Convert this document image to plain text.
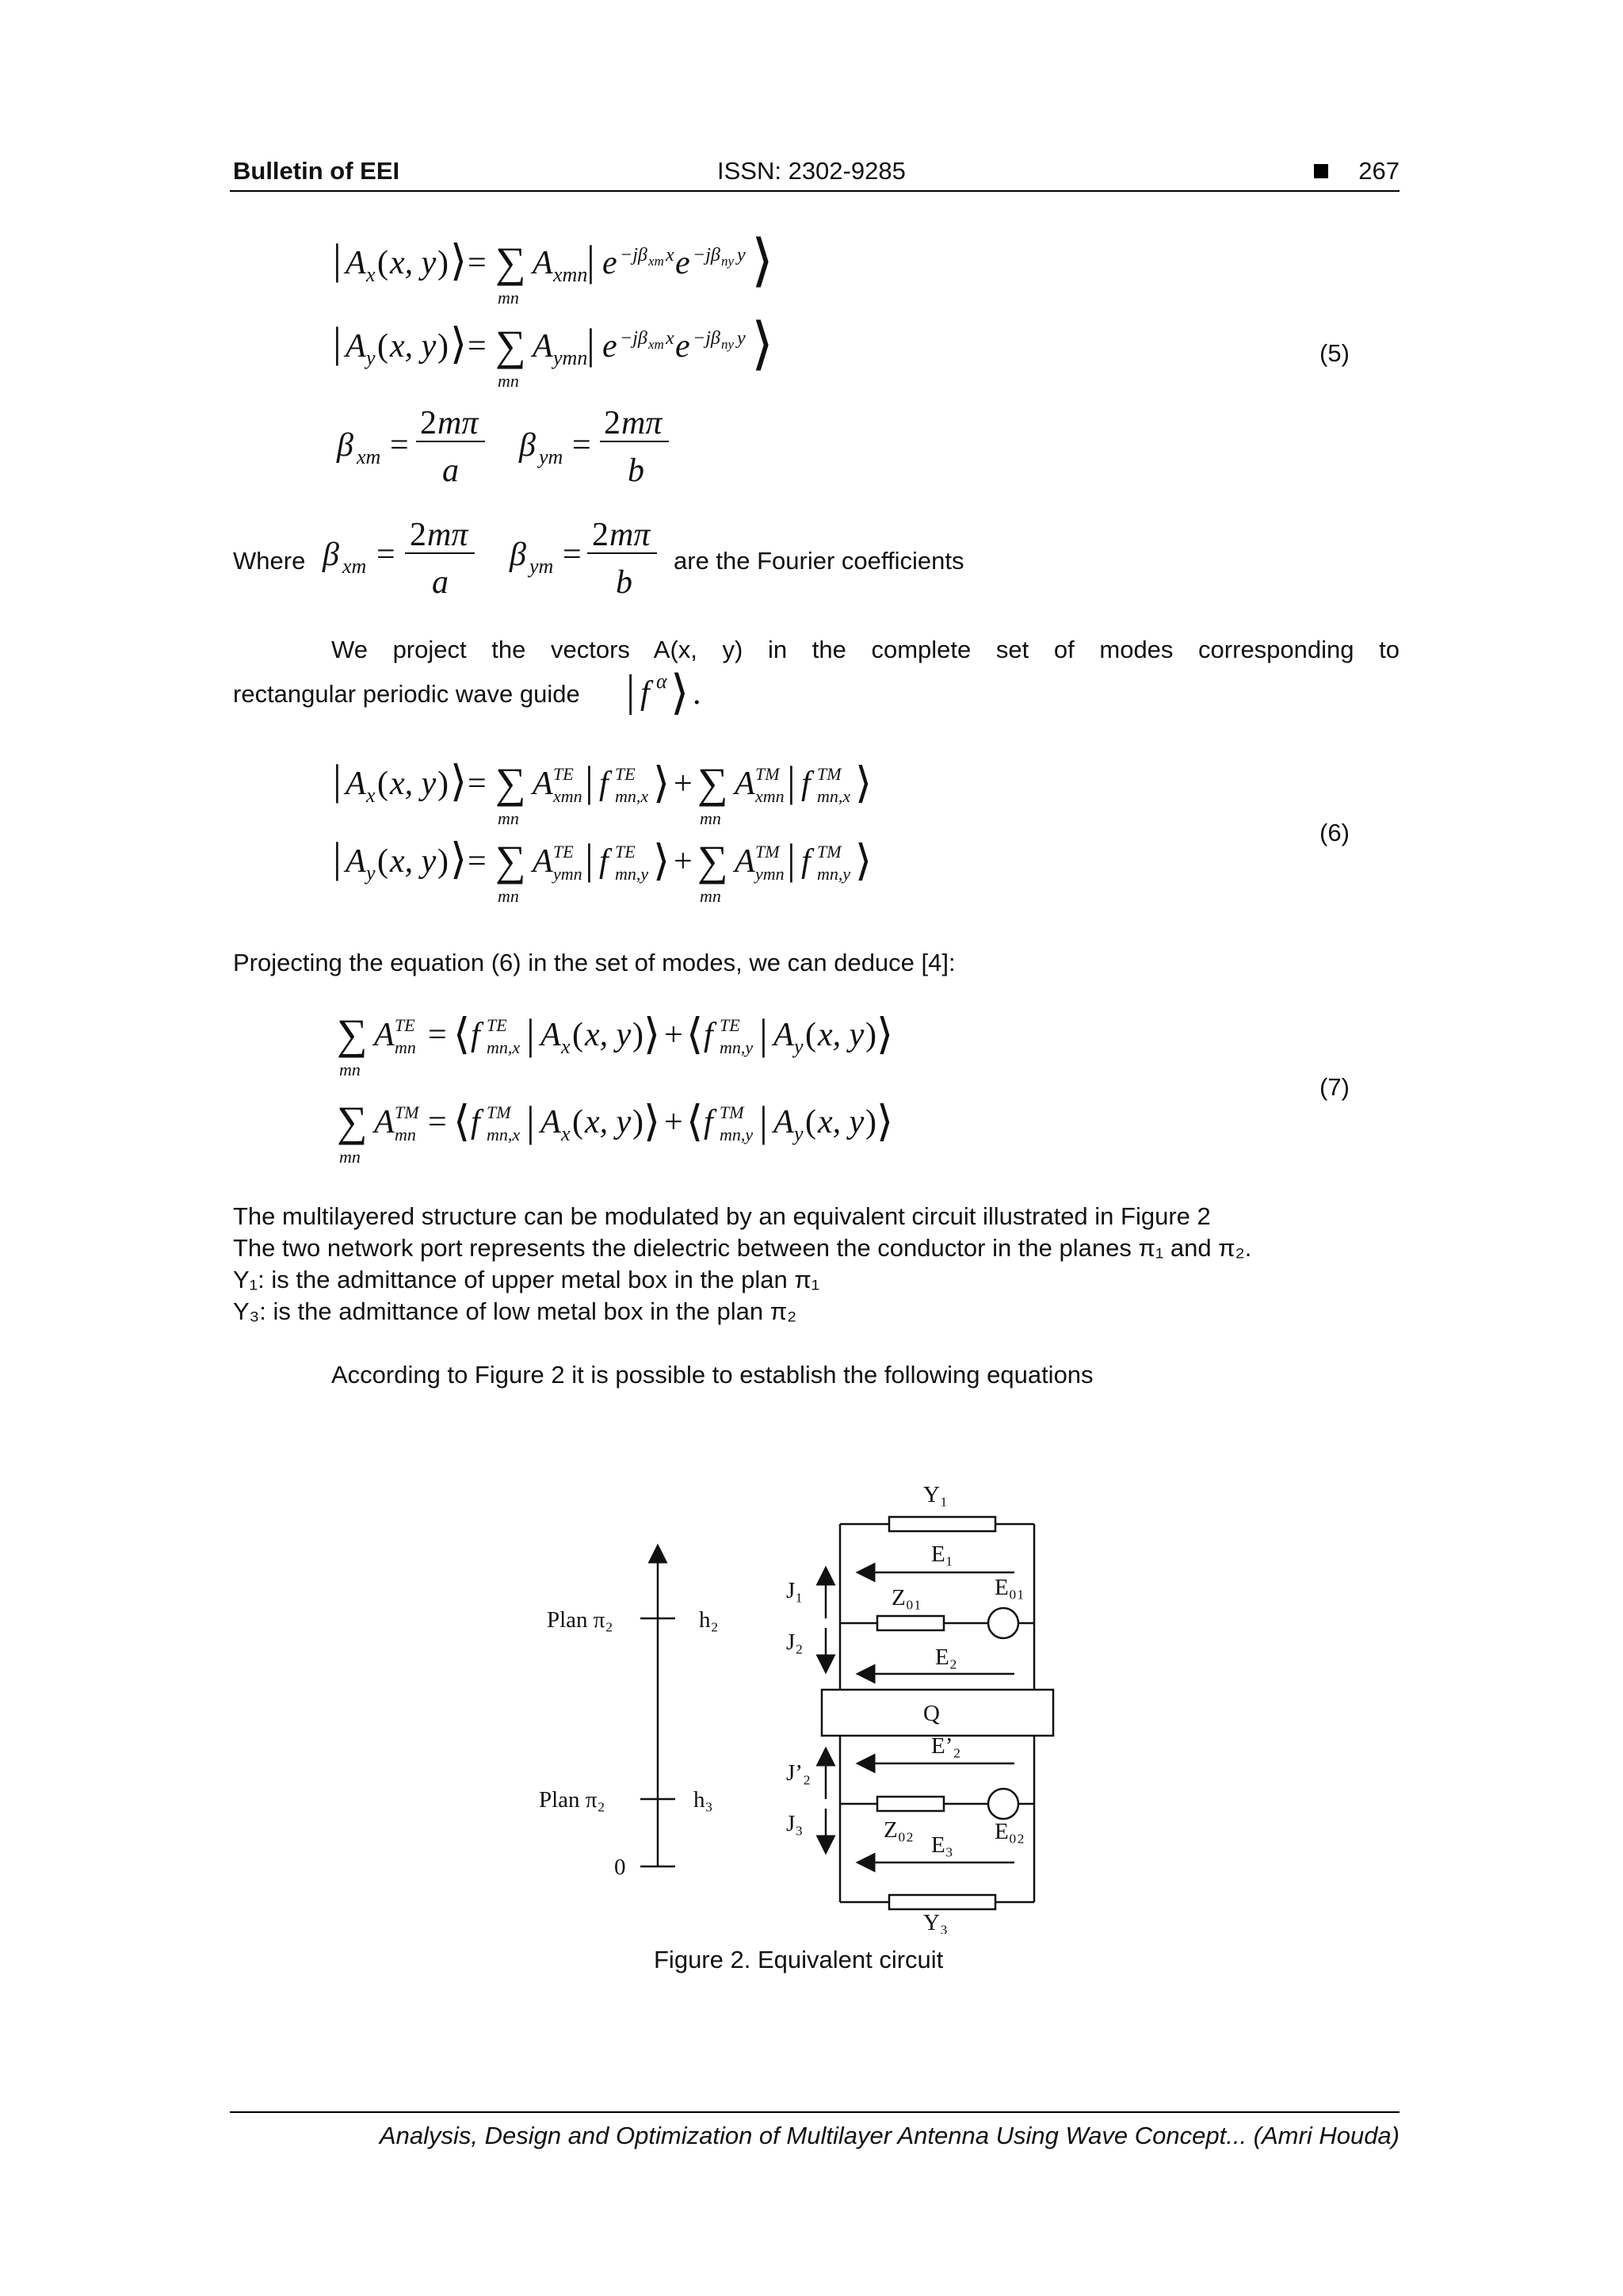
Bulletin of EEI	ISSN: 2302-9285	267
| A x ( x, y ) ⟩ = ∑
mn
A xmn
| e −jβ xm x e −jβ ny y ⟩
| A y ( x, y ) ⟩ = ∑
mn
A ymn
| e −jβ xm x e −jβ ny y ⟩
β xm =
2 mπ
a
β ym =
2 mπ
b
(5)
Where β xm =
2 mπ
a
β ym =
2 mπ
b
are the Fourier coefficients
We project the vectors A(x, y) in the complete set of modes corresponding to
rectangular periodic wave guide | f α ⟩ .
| A x ( x, y ) ⟩ = ∑
mn
A TE
xmn | f TE
mn,x ⟩ + ∑
mn
A TM
xmn | f TM
mn,x ⟩
| A y ( x, y ) ⟩ = ∑
mn
A TE
ymn | f TE
mn,y ⟩ + ∑
mn
A TM
ymn | f TM
mn,y ⟩
(6)
Projecting the equation (6) in the set of modes, we can deduce [4]:
∑
mn
A TE
mn = ⟨ f TE
mn,x | A x ( x, y ) ⟩ + ⟨ f TE
mn,y | A y ( x, y ) ⟩
∑
mn
A TM
mn = ⟨ f TM
mn,x | A x ( x, y ) ⟩ + ⟨ f TM
mn,y | A y ( x, y ) ⟩
(7)
The multilayered structure can be modulated by an equivalent circuit illustrated in Figure 2
The two network port represents the dielectric between the conductor in the planes π₁ and π₂.
Y₁: is the admittance of upper metal box in the plan π₁
Y₃: is the admittance of low metal box in the plan π₂
According to Figure 2 it is possible to establish the following equations
Plan π₂
Plan π₂
h₂
h₃
0
Y₁
Y₃
E₁
E₀₁
Z₀₁
J₁
J₂
E₂
Q
E’₂
J’₂
J₃	Z₀₂	E₀₂
E₃
Figure 2. Equivalent circuit
Analysis, Design and Optimization of Multilayer Antenna Using Wave Concept... (Amri Houda)
